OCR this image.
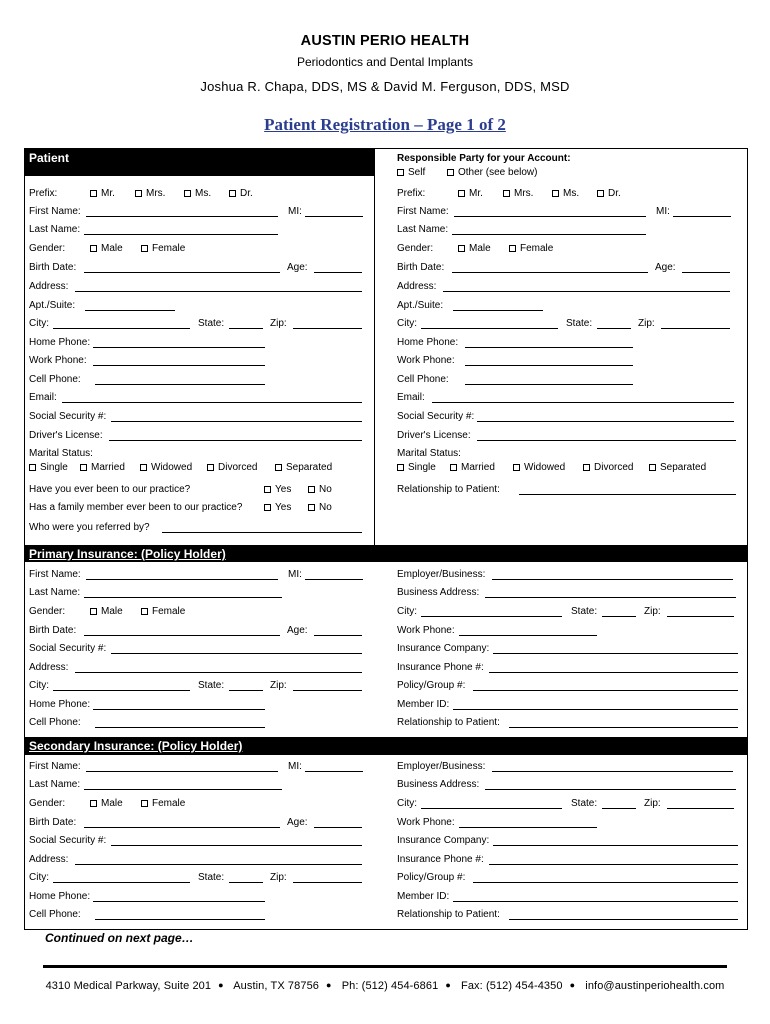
AUSTIN PERIO HEALTH
Periodontics and Dental Implants
Joshua R. Chapa, DDS, MS & David M. Ferguson, DDS, MSD
Patient Registration – Page 1 of 2
Patient	Responsible Party for your Account:
Self	Other (see below)
Primary Insurance: (Policy Holder)
Secondary Insurance: (Policy Holder)
Prefix:	Mr.	Mrs.	Ms.	Dr.
First Name:	MI:
Last Name:
Gender:	Male	Female
Birth Date:	Age:
Address:
Apt./Suite:
City:	State:	Zip:
Home Phone:
Work Phone:
Cell Phone:
Email:
Social Security #:
Driver's License:
Marital Status:
Single	Married	Widowed	Divorced	Separated
Have you ever been to our practice?	Yes	No
Has a family member ever been to our practice?	Yes	No
Who were you referred by?
Prefix:	Mr.	Mrs.	Ms.	Dr.
First Name:	MI:
Last Name:
Gender:	Male	Female
Birth Date:	Age:
Address:
Apt./Suite:
City:	State:	Zip:
Home Phone:
Work Phone:
Cell Phone:
Email:
Social Security #:
Driver's License:
Marital Status:
Single	Married	Widowed	Divorced	Separated
Relationship to Patient:
First Name:	MI:
Last Name:
Gender:	Male	Female
Birth Date:	Age:
Social Security #:
Address:
City:	State:	Zip:
Home Phone:
Cell Phone:
Employer/Business:
Business Address:
City:	State:	Zip:
Work Phone:
Insurance Company:
Insurance Phone #:
Policy/Group #:
Member ID:
Relationship to Patient:
First Name:	MI:
Last Name:
Gender:	Male	Female
Birth Date:	Age:
Social Security #:
Address:
City:	State:	Zip:
Home Phone:
Cell Phone:
Employer/Business:
Business Address:
City:	State:	Zip:
Work Phone:
Insurance Company:
Insurance Phone #:
Policy/Group #:
Member ID:
Relationship to Patient:
Continued on next page…
4310 Medical Parkway, Suite 201 ● Austin, TX 78756 ● Ph: (512) 454-6861 ● Fax: (512) 454-4350 ● info@austinperiohealth.com
